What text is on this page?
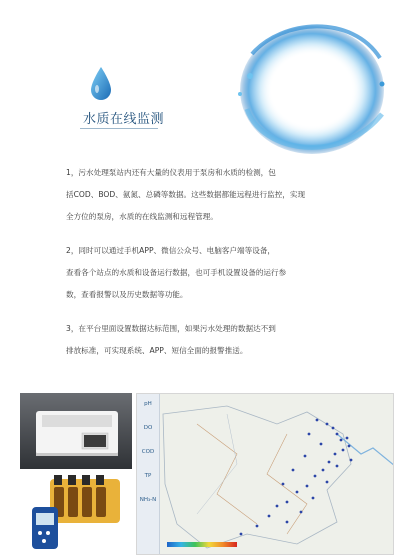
水质在线监测
1，污水处理泵站内还有大量的仪表用于泵房和水质的检测，包
括COD、BOD、氨氮、总磷等数据。这些数据都能远程进行监控，实现
全方位的泵房，水质的在线监测和远程管理。
2，同时可以通过手机APP、微信公众号、电脑客户端等设备，
查看各个站点的水质和设备运行数据，也可手机设置设备的运行参
数，查看报警以及历史数据等功能。
3，在平台里面设置数据达标范围，如果污水处理的数据达不到
排放标准，可实现系统、APP、短信全面的报警推送。
pH
DO
COD
TP
NH₃-N
